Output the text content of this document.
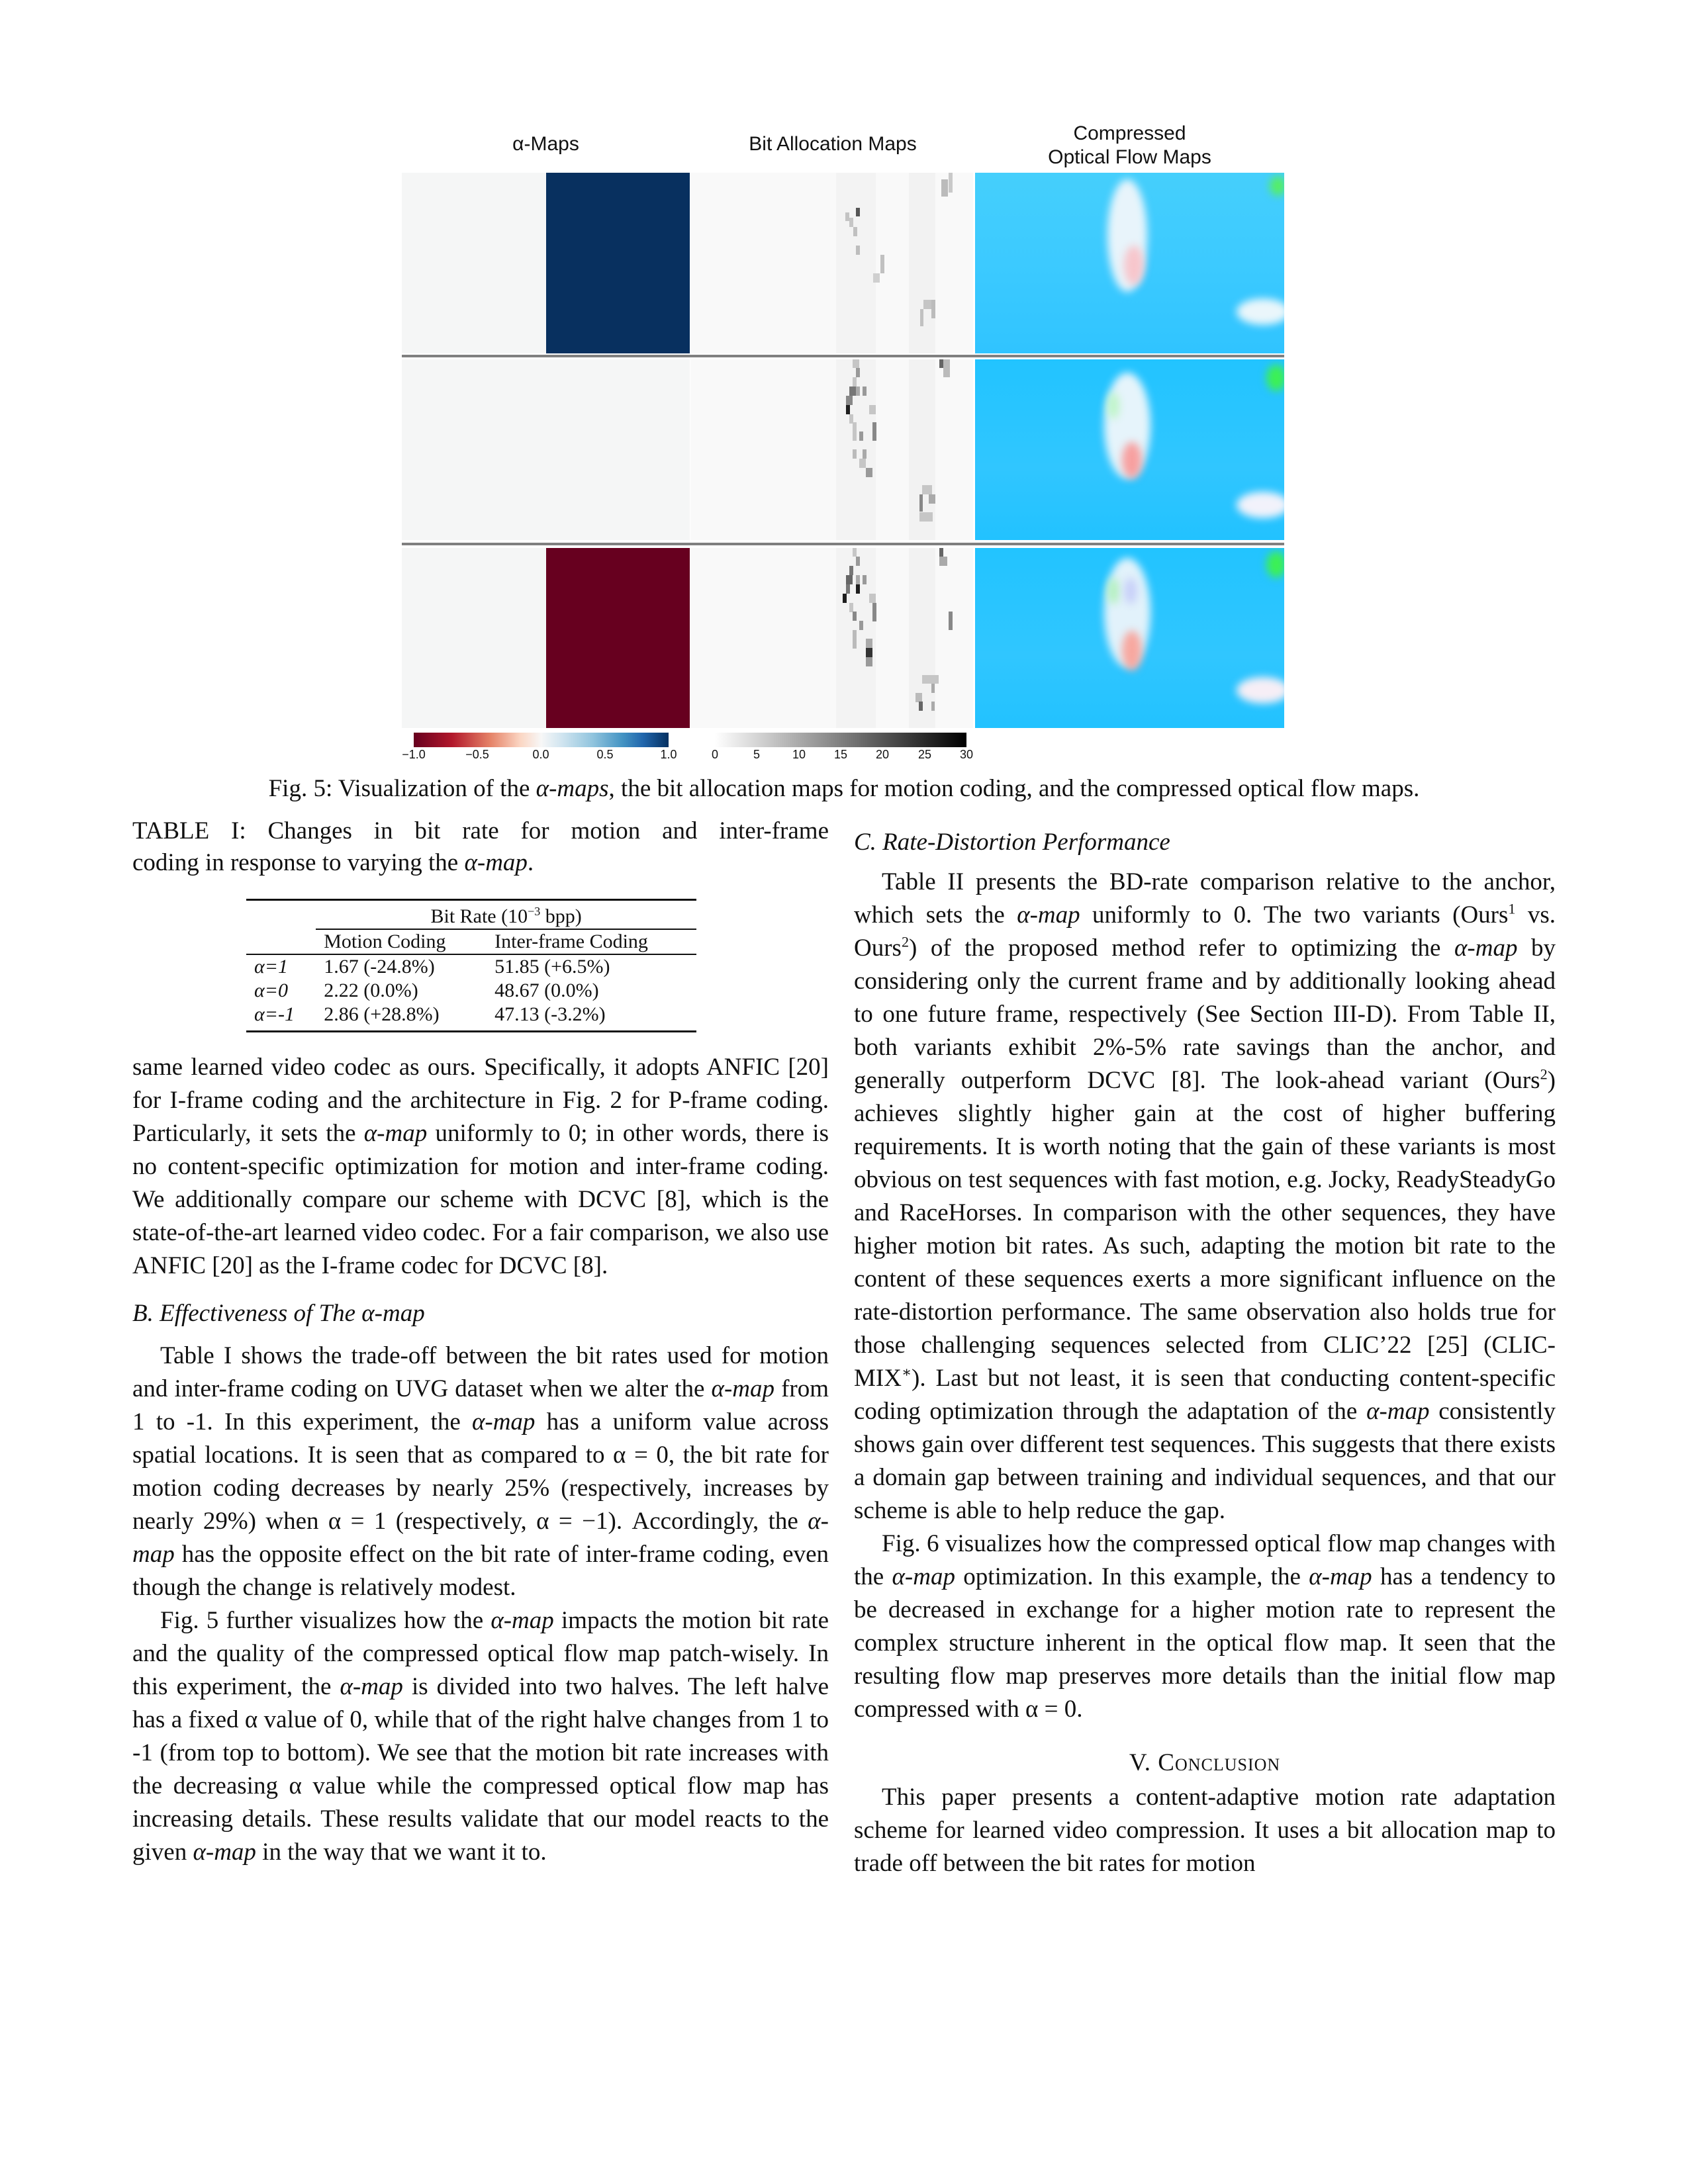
α-Maps	Bit Allocation Maps	Compressed
Optical Flow Maps
−1.0	−0.5	0.0	0.5	1.0	0	5	10 15 20 25 30
Fig. 5: Visualization of the α-maps, the bit allocation maps for motion coding, and the compressed optical flow maps.
TABLE I: Changes in bit rate for motion and inter-frame
coding in response to varying the α-map.
	Bit Rate ($10^{-3}$ bpp)	
	Motion Coding	Inter-frame Coding
α=1	1.67 (-24.8%)	51.85 (+6.5%)
α=0	2.22 (0.0%)	48.67 (0.0%)
α=-1	2.86 (+28.8%)	47.13 (-3.2%)

same learned video codec as ours. Specifically, it adopts ANFIC [20] for I-frame coding and the architecture in Fig. 2 for P-frame coding. Particularly, it sets the α-map uniformly to 0; in other words, there is no content-specific optimization for motion and inter-frame coding. We additionally compare our scheme with DCVC [8], which is the state-of-the-art learned video codec. For a fair comparison, we also use ANFIC [20] as the I-frame codec for DCVC [8].

B. Effectiveness of The α-map

Table I shows the trade-off between the bit rates used for motion and inter-frame coding on UVG dataset when we alter the α-map from 1 to -1. In this experiment, the α-map has a uniform value across spatial locations. It is seen that as compared to α = 0, the bit rate for motion coding decreases by nearly 25% (respectively, increases by nearly 29%) when α = 1 (respectively, α = −1). Accordingly, the α-map has the opposite effect on the bit rate of inter-frame coding, even though the change is relatively modest.

Fig. 5 further visualizes how the α-map impacts the motion bit rate and the quality of the compressed optical flow map patch-wisely. In this experiment, the α-map is divided into two halves. The left halve has a fixed α value of 0, while that of the right halve changes from 1 to -1 (from top to bottom). We see that the motion bit rate increases with the decreasing α value while the compressed optical flow map has increasing details. These results validate that our model reacts to the given α-map in the way that we want it to.

C. Rate-Distortion Performance

Table II presents the BD-rate comparison relative to the anchor, which sets the α-map uniformly to 0. The two variants (Ours$^1$ vs. Ours$^2$) of the proposed method refer to optimizing the α-map by considering only the current frame and by additionally looking ahead to one future frame, respectively (See Section III-D). From Table II, both variants exhibit 2%-5% rate savings than the anchor, and generally outperform DCVC [8]. The look-ahead variant (Ours$^2$) achieves slightly higher gain at the cost of higher buffering requirements. It is worth noting that the gain of these variants is most obvious on test sequences with fast motion, e.g. Jocky, ReadySteadyGo and RaceHorses. In comparison with the other sequences, they have higher motion bit rates. As such, adapting the motion bit rate to the content of these sequences exerts a more significant influence on the rate-distortion performance. The same observation also holds true for those challenging sequences selected from CLIC’22 [25] (CLIC-MIX∗). Last but not least, it is seen that conducting content-specific coding optimization through the adaptation of the α-map consistently shows gain over different test sequences. This suggests that there exists a domain gap between training and individual sequences, and that our scheme is able to help reduce the gap.

Fig. 6 visualizes how the compressed optical flow map changes with the α-map optimization. In this example, the α-map has a tendency to be decreased in exchange for a higher motion rate to represent the complex structure inherent in the optical flow map. It seen that the resulting flow map preserves more details than the initial flow map compressed with α = 0.

V. Conclusion

This paper presents a content-adaptive motion rate adaptation scheme for learned video compression. It uses a bit allocation map to trade off between the bit rates for motion
